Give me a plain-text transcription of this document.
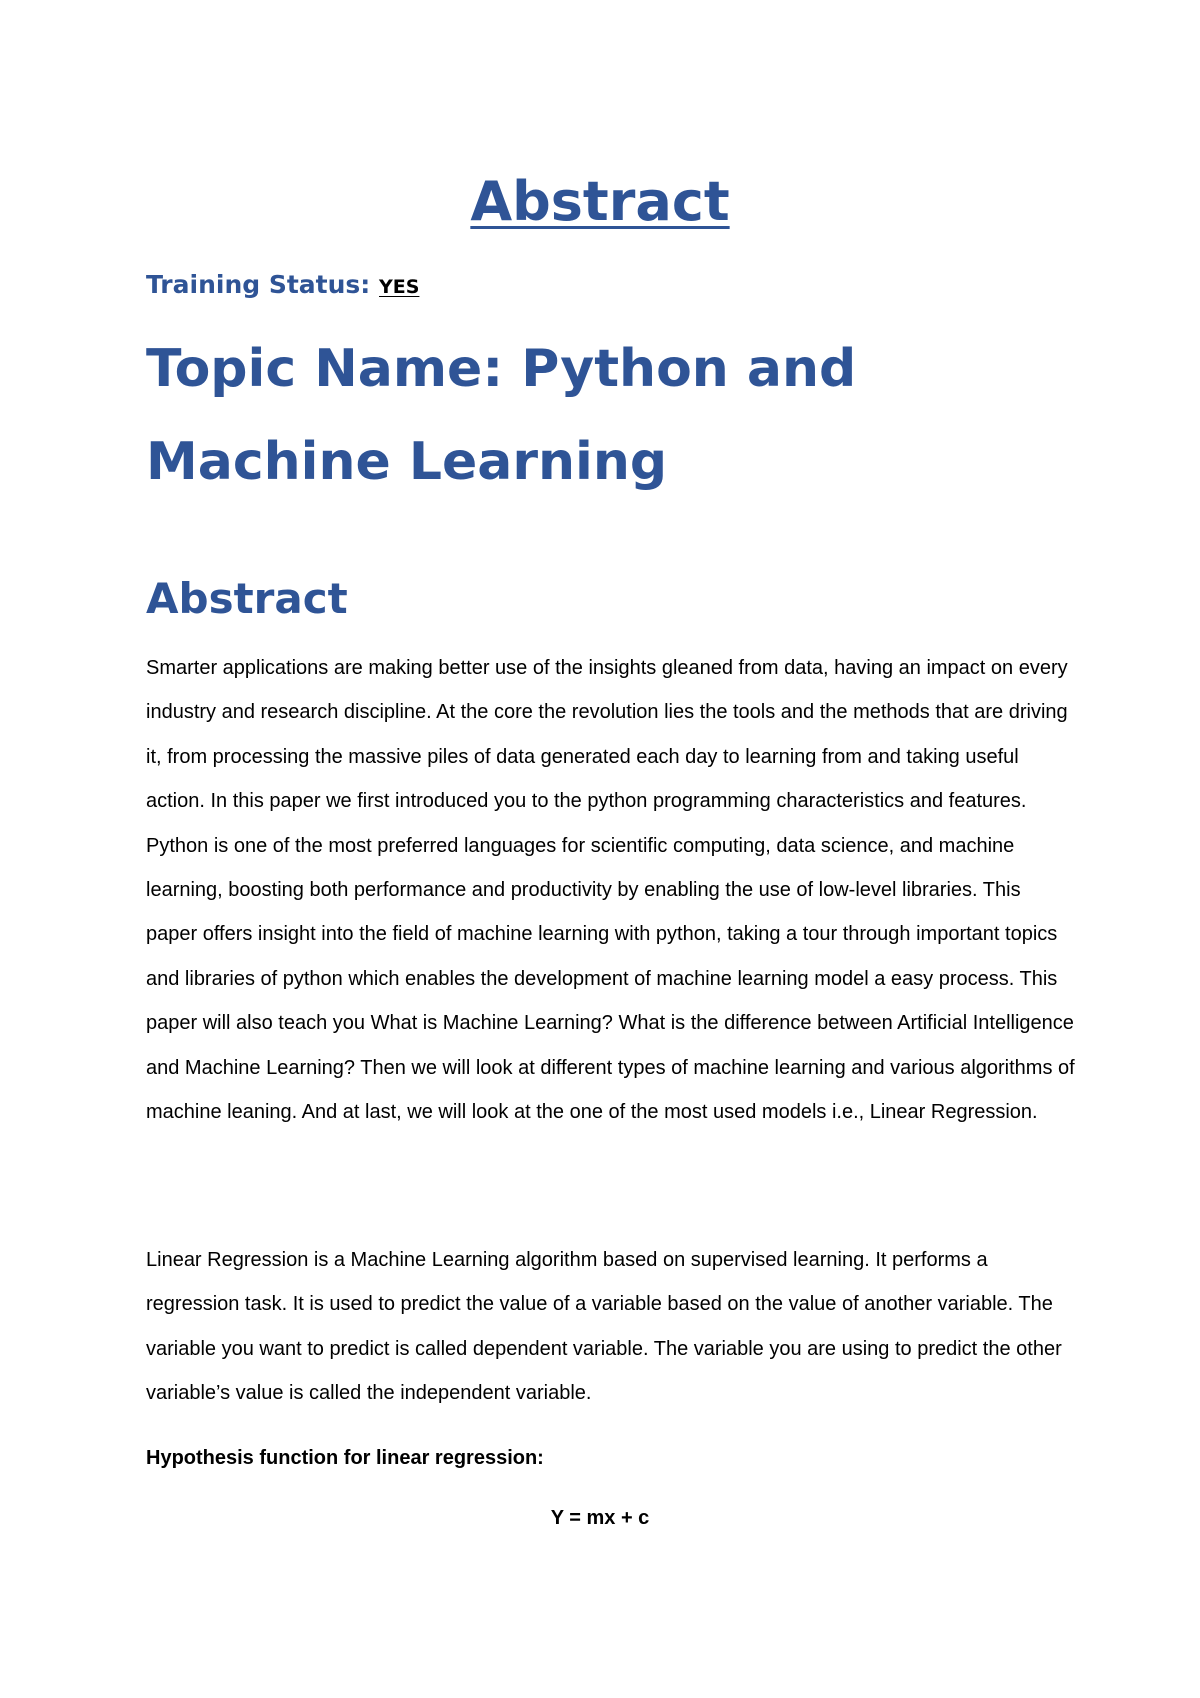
Abstract
Training Status: YES
Topic Name: Python and Machine Learning
Abstract

Smarter applications are making better use of the insights gleaned from data, having an impact on every industry and research discipline. At the core the revolution lies the tools and the methods that are driving it, from processing the massive piles of data generated each day to learning from and taking useful action. In this paper we first introduced you to the python programming characteristics and features. Python is one of the most preferred languages for scientific computing, data science, and machine learning, boosting both performance and productivity by enabling the use of low-level libraries. This paper offers insight into the field of machine learning with python, taking a tour through important topics and libraries of python which enables the development of machine learning model a easy process. This paper will also teach you What is Machine Learning? What is the difference between Artificial Intelligence and Machine Learning? Then we will look at different types of machine learning and various algorithms of machine leaning. And at last, we will look at the one of the most used models i.e., Linear Regression.

Linear Regression is a Machine Learning algorithm based on supervised learning. It performs a regression task. It is used to predict the value of a variable based on the value of another variable. The variable you want to predict is called dependent variable. The variable you are using to predict the other variable’s value is called the independent variable.

Hypothesis function for linear regression:

Y = mx + c
